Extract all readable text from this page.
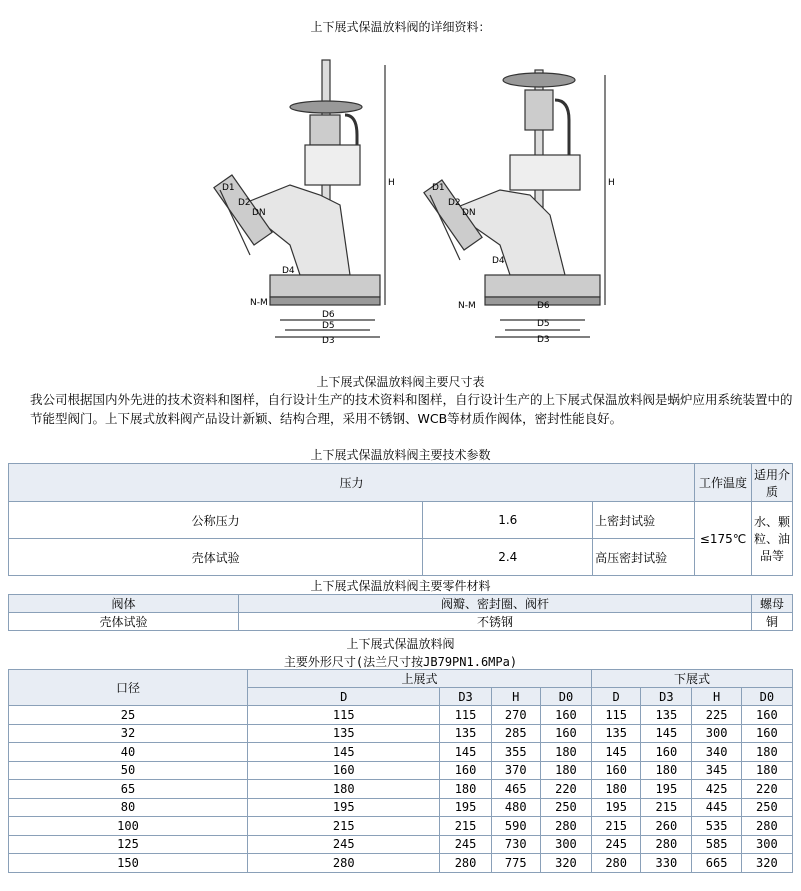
上下展式保温放料阀的详细资料：
D1
D2
DN
D4
N-M
D6
D5
D3
H	D1
D2
DN
D4
N-M	D6
D5
D3
H
上下展式保温放料阀主要尺寸表
我公司根据国内外先进的技术资料和图样，自行设计生产的技术资料和图样，自行设计生产的上下展式保温放料阀是蜗炉应用系统装置中的节能型阀门。上下展式放料阀产品设计新颖、结构合理，采用不锈钢、WCB等材质作阀体，密封性能良好。
上下展式保温放料阀主要技术参数
压力			工作温度	适用介质
公称压力	1.6	上密封试验	≤175℃	水、颗粒、油品等
壳体试验	2.4	高压密封试验		
上下展式保温放料阀主要零件材料
阀体	阀瓣、密封圈、阀杆	螺母
壳体试验	不锈钢	铜
上下展式保温放料阀
主要外形尺寸(法兰尺寸按JB79PN1.6MPa)
口径	上展式				下展式			
	D	D3	H	D0	D	D3	H	D0
25	115	115	270	160	115	135	225	160
32	135	135	285	160	135	145	300	160
40	145	145	355	180	145	160	340	180
50	160	160	370	180	160	180	345	180
65	180	180	465	220	180	195	425	220
80	195	195	480	250	195	215	445	250
100	215	215	590	280	215	260	535	280
125	245	245	730	300	245	280	585	300
150	280	280	775	320	280	330	665	320
